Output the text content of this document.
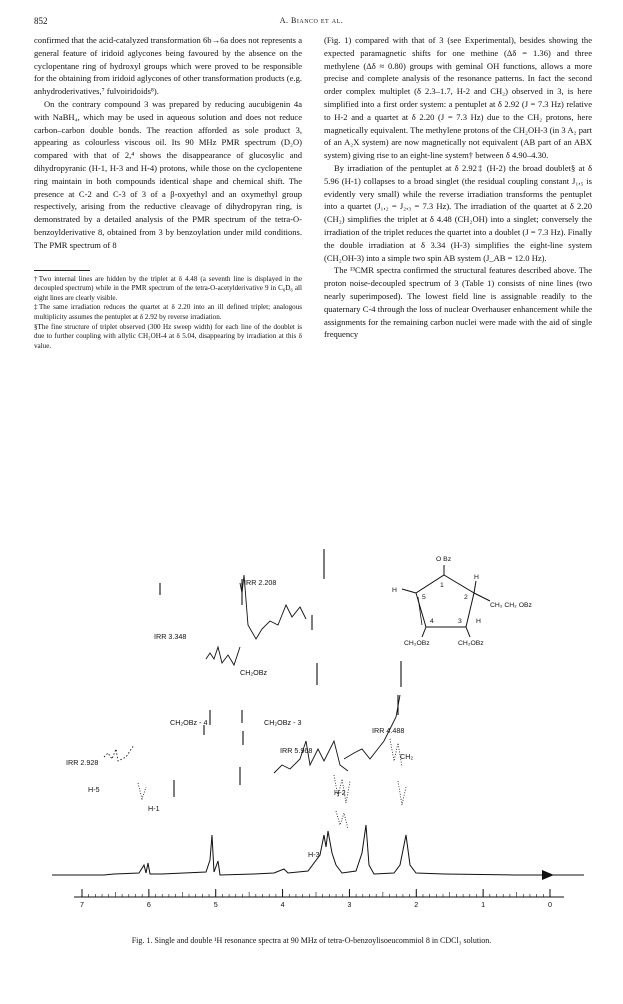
852	A. Bianco et al.

confirmed that the acid-catalyzed transformation 6b→6a does not represents a general feature of iridoid aglycones being favoured by the absence on the cyclopentane ring of hydroxyl groups which were proved to be responsible for the obtaining from iridoid aglycones of other transformation products (e.g. anhydroderivatives,⁷ fulvoiridoids⁸).

On the contrary compound 3 was prepared by reducing aucubigenin 4a with NaBH₄, which may be used in aqueous solution and does not reduce carbon–carbon double bonds. The reaction afforded as sole product 3, appearing as colourless viscous oil. Its 90 MHz PMR spectrum (D₂O) compared with that of 2,⁴ shows the disappearance of glucosylic and dihydropyranic (H-1, H-3 and H-4) protons, while those on the cyclopentene ring maintain in both compounds identical shape and chemical shift. The presence at C-2 and C-3 of 3 of a β-oxyethyl and an oxymethyl group respectively, arising from the reductive cleavage of dihydropyran ring, is demonstrated by a detailed analysis of the PMR spectrum of the tetra-O-benzoylderivative 8, obtained from 3 by benzoylation under mild conditions. The PMR spectrum of 8

†Two internal lines are hidden by the triplet at δ 4.48 (a seventh line is displayed in the decoupled spectrum) while in the PMR spectrum of the tetra-O-acetylderivative 9 in C₆D₆ all eight lines are clearly visible.

‡The same irradiation reduces the quartet at δ 2.20 into an ill defined triplet; analogous multiplicity assumes the pentuplet at δ 2.92 by reverse irradiation.

§The fine structure of triplet observed (300 Hz sweep width) for each line of the doublet is due to further coupling with allylic CH₂OH-4 at δ 5.04, disappearing by irradiation at this δ value.

(Fig. 1) compared with that of 3 (see Experimental), besides showing the expected paramagnetic shifts for one methine (Δδ = 1.36) and three methylene (Δδ ≈ 0.80) groups with geminal OH functions, allows a more precise and complete analysis of the resonance patterns. In fact the second order complex multiplet (δ 2.3–1.7, H-2 and CH₂) observed in 3, is here simplified into a first order system: a pentuplet at δ 2.92 (J = 7.3 Hz) relative to H-2 and a quartet at δ 2.20 (J = 7.3 Hz) due to the CH₂ protons, here magnetically equivalent. The methylene protons of the CH₂OH-3 (in 3 A₂ part of an A₂X system) are now magnetically not equivalent (AB part of an ABX system) giving rise to an eight-line system† between δ 4.90–4.30.

By irradiation of the pentuplet at δ 2.92‡ (H-2) the broad doublet§ at δ 5.96 (H-1) collapses to a broad singlet (the residual coupling constant J₁,₅ is evidently very small) while the reverse irradiation transforms the pentuplet into a quartet (J₁,₂ = J₂,₃ = 7.3 Hz). The irradiation of the quartet at δ 2.20 (CH₂) simplifies the triplet at δ 4.48 (CH₂OH) into a singlet; conversely the irradiation of the triplet reduces the quartet into a doublet (J = 7.3 Hz). Finally the double irradiation at δ 3.34 (H-3) simplifies the eight-line system (CH₂OH-3) into a simple two spin AB system (J_AB = 12.0 Hz).

The ¹³CMR spectra confirmed the structural features described above. The proton noise-decoupled spectrum of 3 (Table 1) consists of nine lines (two nearly superimposed). The lowest field line is assignable readily to the quaternary C-4 through the loss of nuclear Overhauser enhancement while the assignments for the remaining carbon nuclei were made with the aid of single frequency

IRR 2.208
IRR 3.348
CH₂OBz
CH₂OBz - 4	CH₂OBz - 3
IRR 4.488
IRR 5.968
IRR 2.928
CH₂
H-5
H-1
H-2
H-3
O Bz
H
H
H
1
2
3
4
5
CH₂ CH₂ OBz
CH₂OBz	CH₂OBz
7	6	5	4	3	2	1	0
Fig. 1. Single and double ¹H resonance spectra at 90 MHz of tetra-O-benzoylisoeucommiol 8 in CDCl₃ solution.
